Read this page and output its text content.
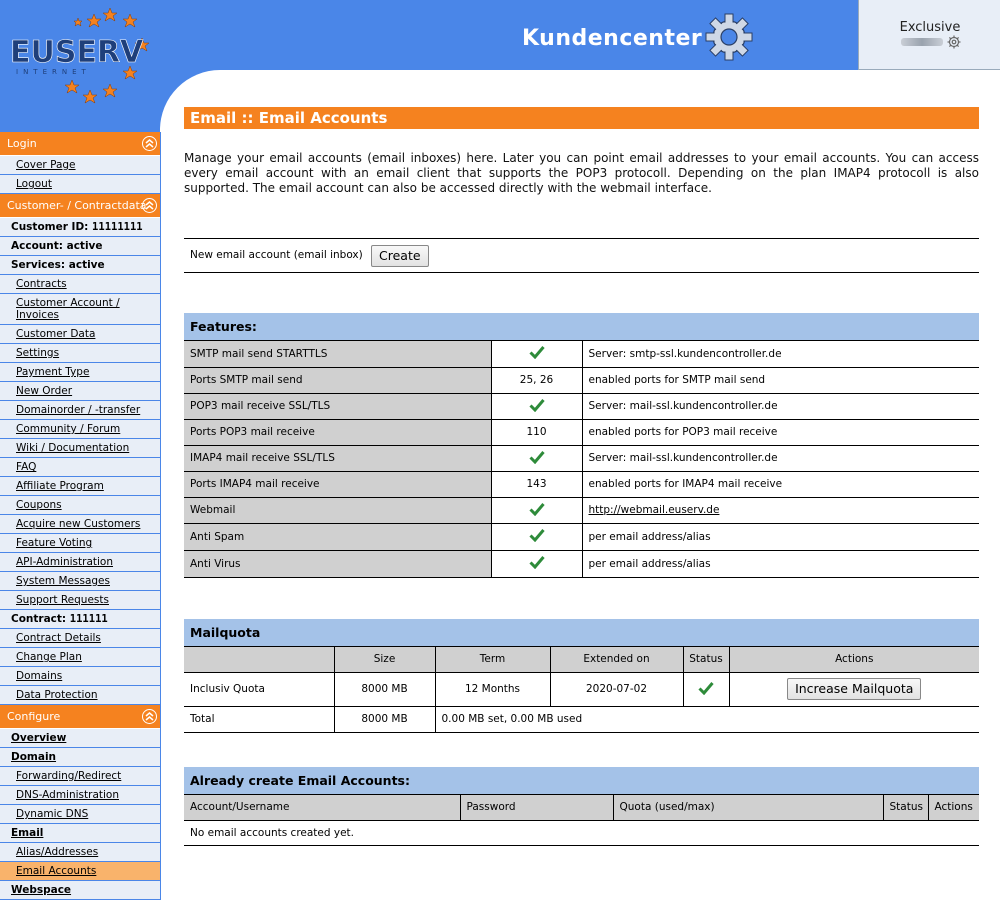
EUSERV
INTERNET
Kundencenter	Exclusive
Login
Cover Page
Logout
Customer- / Contractdata
Customer ID: 11111111
Account: active
Services: active
Contracts
Customer Account / Invoices
Customer Data
Settings
Payment Type
New Order
Domainorder / -transfer
Community / Forum
Wiki / Documentation
FAQ
Affiliate Program
Coupons
Acquire new Customers
Feature Voting
API-Administration
System Messages
Support Requests
Contract: 111111
Contract Details
Change Plan
Domains
Data Protection
Configure
Overview
Domain
Forwarding/Redirect
DNS-Administration
Dynamic DNS
Email
Alias/Addresses
Email Accounts
Webspace
Email :: Email Accounts
Manage your email accounts (email inboxes) here. Later you can point email addresses to your email accounts. You can access every email account with an email client that supports the POP3 protocoll. Depending on the plan IMAP4 protocoll is also supported. The email account can also be accessed directly with the webmail interface.
New email account (email inbox)	Create
Features:
SMTP mail send STARTTLS		Server: smtp-ssl.kundencontroller.de
Ports SMTP mail send	25, 26	enabled ports for SMTP mail send
POP3 mail receive SSL/TLS		Server: mail-ssl.kundencontroller.de
Ports POP3 mail receive	110	enabled ports for POP3 mail receive
IMAP4 mail receive SSL/TLS		Server: mail-ssl.kundencontroller.de
Ports IMAP4 mail receive	143	enabled ports for IMAP4 mail receive
Webmail		http://webmail.euserv.de
Anti Spam		per email address/alias
Anti Virus		per email address/alias
Mailquota
	Size	Term	Extended on	Status	Actions
Inclusiv Quota	8000 MB	12 Months	2020-07-02		Increase Mailquota
Total	8000 MB	0.00 MB set, 0.00 MB used			
Already create Email Accounts:
Account/Username	Password	Quota (used/max)	Status	Actions
No email accounts created yet.
